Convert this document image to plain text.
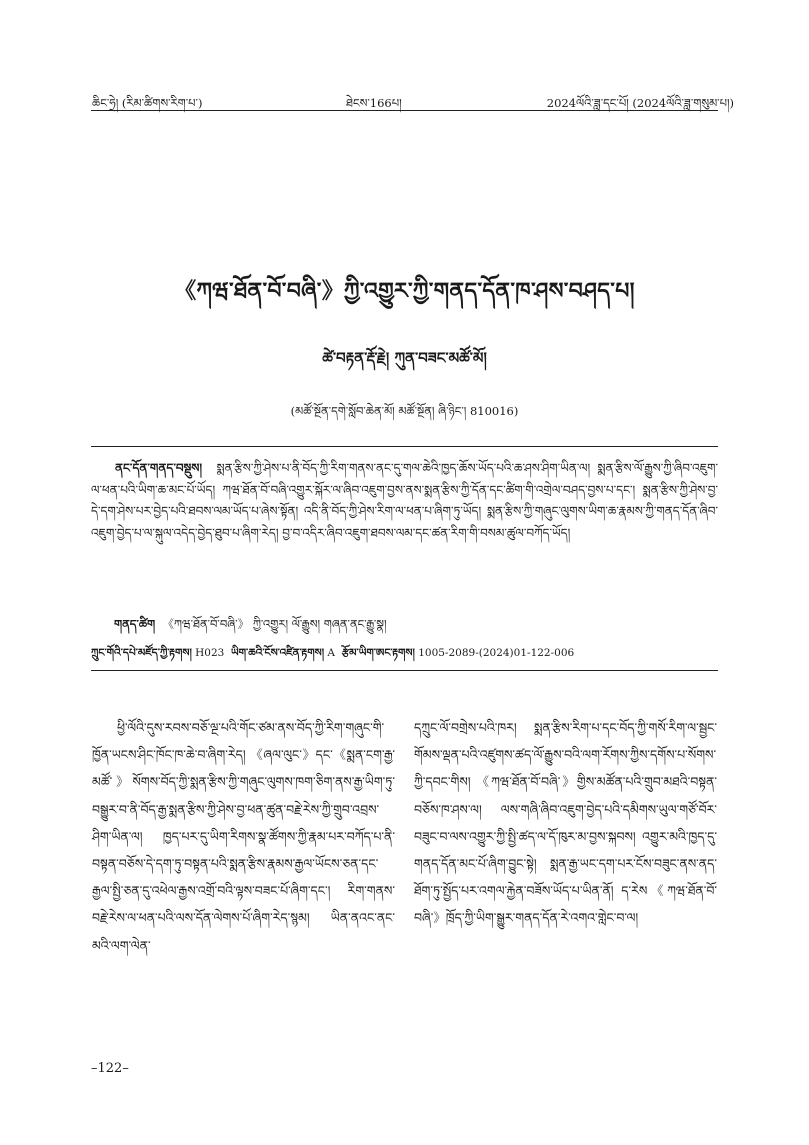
ཆིང་ཧྲེ། (རིམ་ཚིགས་རིག་པ་)	ཐེངས་166པ།	2024ལོའི་ཟླ་དང་པོ། (2024ལོའི་ཟླ་གསུམ་པ།)
《ཀཝ་ཐོན་བོ་བཞི་》ཀྱི་འགྱུར་ཀྱི་གནད་དོན་ཁ་ཤས་བཤད་པ།
ཚེ་བརྟན་རྡོ་རྗེ། ཀུན་བཟང་མཚོ་མོ།
(མཚོ་སྔོན་དགེ་སློབ་ཆེན་མོ། མཚོ་སྔོན། ཞི་ཉིང་། 810016)
ནང་དོན་གནད་བསྡུས། སྨན་རྩིས་ཀྱི་ཤེས་པ་ནི་བོད་ཀྱི་རིག་གནས་ནང་དུ་གལ་ཆེའི་ཁྱད་ཆོས་ཡོད་པའི་ཆ་ཤས་ཤིག་ཡིན་ལ། སྨན་རྩིས་ལོ་རྒྱུས་ཀྱི་ཞིབ་འཇུག་ལ་ཕན་པའི་ཡིག་ཆ་མང་པོ་ཡོད། ཀཝ་ཐོན་བོ་བཞི་འགྱུར་སྐོར་ལ་ཞིབ་འཇུག་བྱས་ནས་སྨན་རྩིས་ཀྱི་དོན་དང་ཚིག་གི་འགྲེལ་བཤད་བྱས་པ་དང་། སྨན་རྩིས་ཀྱི་ཤེས་བྱ་དེ་དག་ཤེས་པར་བྱེད་པའི་ཐབས་ལམ་ཡོད་པ་ཞེས་སྟོན། འདི་ནི་བོད་ཀྱི་ཤེས་རིག་ལ་ཕན་པ་ཞིག་ཏུ་ཡོད། སྨན་རྩིས་ཀྱི་གཞུང་ལུགས་ཡིག་ཆ་རྣམས་ཀྱི་གནད་དོན་ཞིབ་འཇུག་བྱེད་པ་ལ་སྐུལ་འདེད་བྱེད་ཐུབ་པ་ཞིག་རེད། བྱ་བ་འདིར་ཞིབ་འཇུག་ཐབས་ལམ་དང་ཚན་རིག་གི་བསམ་ཚུལ་བཀོད་ཡོད།
གནད་ཚིག 《ཀཝ་ཐོན་བོ་བཞི་》 ཀྱི་འགྱུར། ལོ་རྒྱུས། གཞན་ནང་རྒྱུ་སྣ།
ཀྲུང་གོའི་དཔེ་མཛོད་ཀྱི་རྟགས། H023 ཡིག་ཆའི་ངོས་འཛིན་རྟགས། A རྩོམ་ཡིག་ཨང་རྟགས། 1005-2089-(2024)01-122-006
ཕྱི་ལོའི་དུས་རབས་བཅོ་ལྔ་པའི་གོང་ཙམ་ནས་བོད་ཀྱི་རིག་གཞུང་གི་ཁྱོན་ཡངས་ཤིང་ཁོང་ཁ་ཆེ་བ་ཞིག་རེད། 《ཞལ་ལུང་》དང་《སྨན་ངག་རྒྱ་མཚོ་》སོགས་བོད་ཀྱི་སྨན་རྩིས་ཀྱི་གཞུང་ལུགས་ཁག་ཅིག་ནས་རྒྱ་ཡིག་ཏུ་བསྒྱུར་བ་ནི་བོད་རྒྱ་སྨན་རྩིས་ཀྱི་ཤེས་བྱ་ཕན་ཚུན་བརྗེ་རེས་ཀྱི་གྲུབ་འབྲས་ཤིག་ཡིན་ལ། ཁྱད་པར་དུ་ཡིག་རིགས་སྣ་ཚོགས་ཀྱི་རྣམ་པར་བཀོད་པ་ནི་བསྟན་བཅོས་དེ་དག་ཏུ་བསྟན་པའི་སྨན་རྩིས་རྣམས་རྒྱལ་ཡོངས་ཅན་དང་རྒྱལ་སྤྱི་ཅན་དུ་འཕེལ་རྒྱས་འགྲོ་བའི་ལྟས་བཟང་པོ་ཞིག་དང་། རིག་གནས་བརྗེ་རེས་ལ་ཕན་པའི་ལས་དོན་ལེགས་པོ་ཞིག་རེད་སྙམ། ཡིན་ནའང་ནང་མའི་ལག་ལེན་
དཀྲུང་ལོ་བགྲེས་པའི་ཁར། སྨན་རྩིས་རིག་པ་དང་བོད་ཀྱི་གསོ་རིག་ལ་སྦྱང་གོམས་ལྡན་པའི་འཛུགས་ཚད་ལོ་རྒྱུས་བའི་ལག་རོགས་ཀྱིས་དགོས་པ་སོགས་ཀྱི་དབང་གིས། 《ཀཝ་ཐོན་བོ་བཞི་》གྱིས་མཚོན་པའི་གྲུབ་མཐའི་བསྟན་བཅོས་ཁ་ཤས་ལ། ལས་གཞི་ཞིབ་འཇུག་བྱེད་པའི་དམིགས་ཡུལ་གཙོ་བོར་བཟུང་བ་ལས་འགྱུར་ཀྱི་སྤྱི་ཚད་ལ་དོ་ཁུར་མ་བྱས་སྐབས། འགྱུར་མའི་ཁྱད་དུ་གནད་དོན་མང་པོ་ཞིག་བྱུང་སྟེ། སྨན་རྒྱ་ཡང་དག་པར་ངོས་བཟུང་ནས་ནད་ཐོག་ཏུ་སྤྱོད་པར་འགལ་རྐྱེན་བཟོས་ཡོད་པ་ཡིན་ནོ། ད་རེས《ཀཝ་ཐོན་བོ་བཞི་》ཁྲོད་ཀྱི་ཡིག་སྒྱུར་གནད་དོན་རེ་འགའ་གླེང་བ་ལ།
–122–
